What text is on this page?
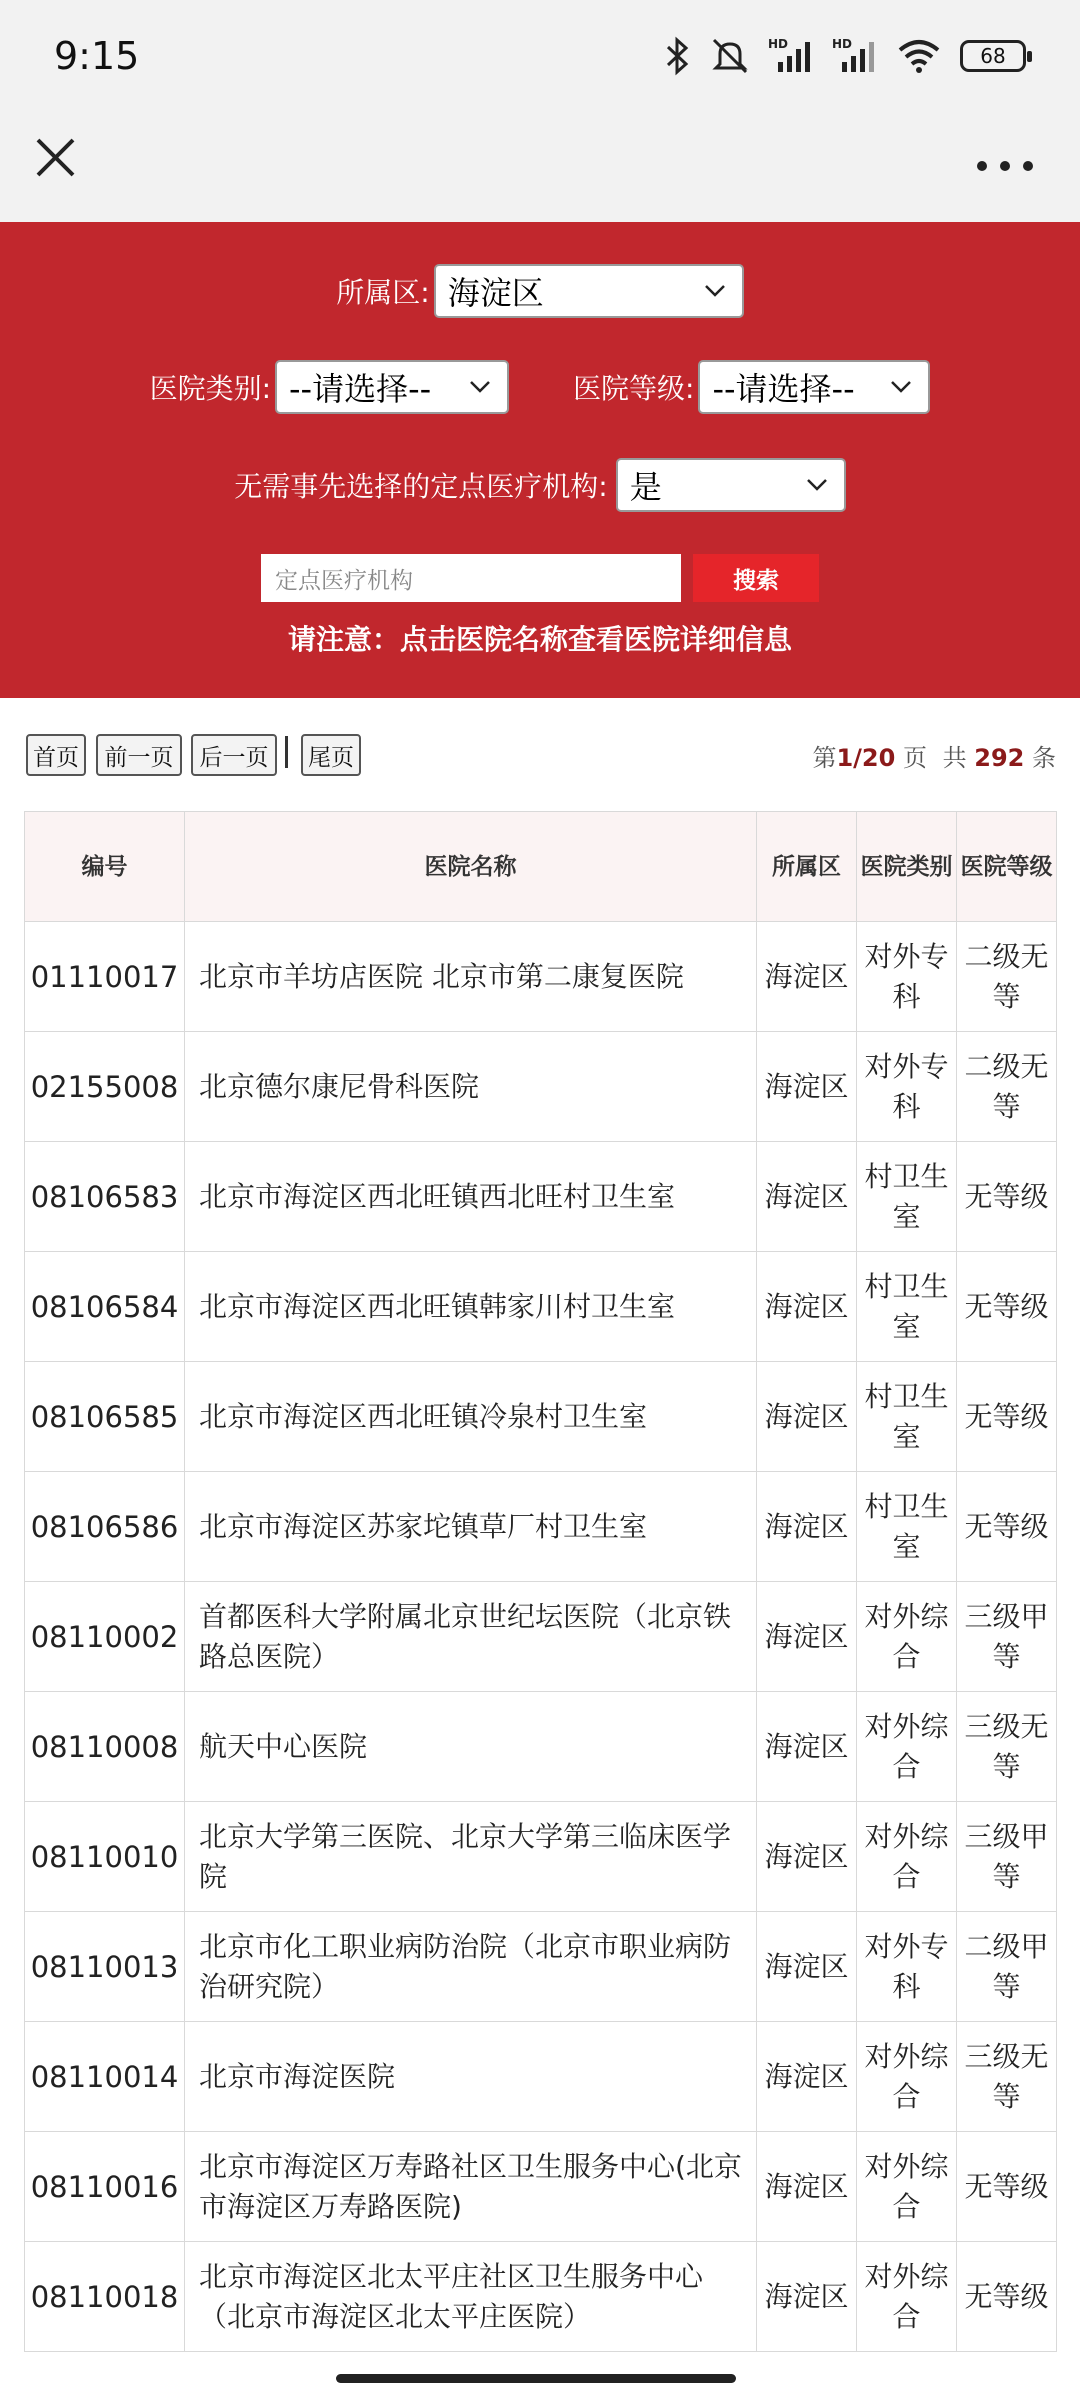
9:15	HD	HD	68
所属区: 海淀区
医院类别: --请选择--	医院等级: --请选择--
无需事先选择的定点医疗机构: 是
定点医疗机构	搜索
请注意：点击医院名称查看医院详细信息
首页	前一页	后一页	尾页	第1/20 页 共 292 条
编号	医院名称	所属区	医院类别	医院等级
01110017	北京市羊坊店医院 北京市第二康复医院	海淀区	对外专科	二级无等
02155008	北京德尔康尼骨科医院	海淀区	对外专科	二级无等
08106583	北京市海淀区西北旺镇西北旺村卫生室	海淀区	村卫生室	无等级
08106584	北京市海淀区西北旺镇韩家川村卫生室	海淀区	村卫生室	无等级
08106585	北京市海淀区西北旺镇冷泉村卫生室	海淀区	村卫生室	无等级
08106586	北京市海淀区苏家坨镇草厂村卫生室	海淀区	村卫生室	无等级
08110002	首都医科大学附属北京世纪坛医院（北京铁路总医院）	海淀区	对外综合	三级甲等
08110008	航天中心医院	海淀区	对外综合	三级无等
08110010	北京大学第三医院、北京大学第三临床医学院	海淀区	对外综合	三级甲等
08110013	北京市化工职业病防治院（北京市职业病防治研究院）	海淀区	对外专科	二级甲等
08110014	北京市海淀医院	海淀区	对外综合	三级无等
08110016	北京市海淀区万寿路社区卫生服务中心(北京市海淀区万寿路医院)	海淀区	对外综合	无等级
08110018	北京市海淀区北太平庄社区卫生服务中心（北京市海淀区北太平庄医院）	海淀区	对外综合	无等级
